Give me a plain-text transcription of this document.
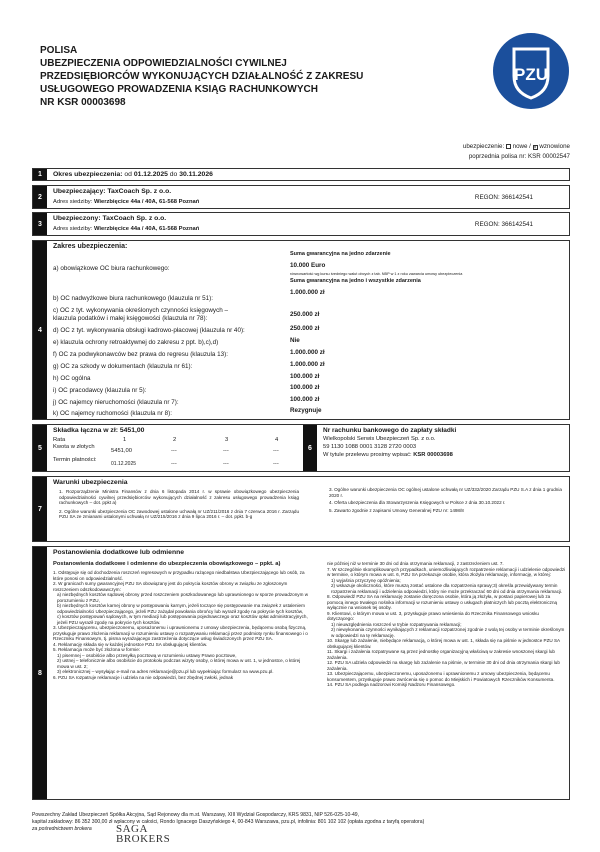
POLISA
UBEZPIECZENIA ODPOWIEDZIALNOŚCI CYWILNEJ
PRZEDSIĘBIORCÓW WYKONUJĄCYCH DZIAŁALNOŚĆ Z ZAKRESU
USŁUGOWEGO PROWADZENIA KSIĄG RACHUNKOWYCH
NR KSR 00003698
PZU
ubezpieczenie: nowe / × wznowione
poprzednia polisa nr: KSR 00002547
1	Okres ubezpieczenia: od 01.12.2025 do 30.11.2026
2
Ubezpieczający: TaxCoach Sp. z o.o.
Adres siedziby: Wierzbięcice 44a / 40A, 61-568 Poznań
REGON: 366142541
3
Ubezpieczony: TaxCoach Sp. z o.o.
Adres siedziby: Wierzbięcice 44a / 40A, 61-568 Poznań
REGON: 366142541
4
Zakres ubezpieczenia:
Suma gwarancyjna na jedno zdarzenie
a) obowiązkowe OC biura rachunkowego:	10.000 Euro
równowartość wg kursu średniego walut obcych z tab. NBP w 1 z roku zawarcia umowy ubezpieczenia
Suma gwarancyjna na jedno i wszystkie zdarzenia
b) OC nadwyżkowe biura rachunkowego (klauzula nr 51):
1.000.000 zł
c) OC z tyt. wykonywania określonych czynności księgowych –
klauzula podatków i małej księgowości (klauzula nr 78):
250.000 zł
d) OC z tyt. wykonywania obsługi kadrowo-płacowej (klauzula nr 40):	250.000 zł
e) klauzula ochrony retroaktywnej do zakresu z ppt. b),c),d)	Nie
f) OC za podwykonawców bez prawa do regresu (klauzula 13):	1.000.000 zł
g) OC za szkody w dokumentach (klauzula nr 61):	1.000.000 zł
h) OC ogólna	100.000 zł
i) OC pracodawcy (klauzula nr 5):	100.000 zł
j) OC najemcy nieruchomości (klauzula nr 7):	100.000 zł
k) OC najemcy ruchomości (klauzula nr 8):	Rezygnuje
5
Składka łączna w zł: 5451,00
Rata	1	2	3	4
Kwota w złotych
5451,00	---	---	---
Termin płatności:
01.12.2025	---	---	---
6
Nr rachunku bankowego do zapłaty składki
Wielkopolski Serwis Ubezpieczeń Sp. z o.o.
59 1130 1088 0001 3128 2720 0003
W tytule przelewu prosimy wpisać: KSR 00003698
7
Warunki ubezpieczenia
1. Rozporządzenie Ministra Finansów z dnia 6 listopada 2014 r. w sprawie obowiązkowego ubezpieczenia odpowiedzialności cywilnej przedsiębiorców wykonujących działalność z zakresu usługowego prowadzenia ksiąg rachunkowych – dot. ppkt a)
2. Ogólne warunki ubezpieczenia OC zawodowej ustalone uchwałą nr UZ/211/2016 z dnia 7 czerwca 2016 r. Zarządu PZU SA ze zmianami ustalonymi uchwałą nr UZ/215/2016 z dnia 9 lipca 2016 r. – dot. ppkt. b-g
3. Ogólne warunki ubezpieczenia OC ogólnej ustalone uchwałą nr UZ/332/2020 Zarządu PZU S.A z dnia 1 grudnia 2020 r.
4. Oferta ubezpieczenia dla Stowarzyszenia Księgowych w Polsce z dnia 30.10.2022 r.
5. Zawarto zgodnie z zapisami Umowy Generalnej PZU nr: 1498/8
8
Postanowienia dodatkowe lub odmienne
Postanowienia dodatkowe i odmienne do ubezpieczenia obowiązkowego – ppkt. a)
1. Odstępuje się od dochodzenia roszczeń regresowych w przypadku rażącego niedbalstwa Ubezpieczającego lub osób, za które ponosi on odpowiedzialność.
2. W granicach sumy gwarancyjnej PZU SA obowiązany jest do pokrycia kosztów obrony w związku ze zgłoszonym roszczeniem odszkodowawczym:
a) niezbędnych kosztów sądowej obrony przed roszczeniem poszkodowanego lub uprawnionego w sporze prowadzonym w porozumieniu z PZU,
b) niezbędnych kosztów karnej obrony w postępowaniu karnym, jeżeli toczące się postępowanie ma związek z ustaleniem odpowiedzialności Ubezpieczającego, jeżeli PZU zażądał powołania obrońcy lub wyraził zgodę na pokrycie tych kosztów,
c) kosztów postępowań sądowych, w tym mediacji lub postępowania pojednawczego oraz kosztów opłat administracyjnych, jeżeli PZU wyraził zgodę na pokrycie tych kosztów.
3. Ubezpieczającemu, ubezpieczonemu, uposażonemu i uprawnionemu z umowy ubezpieczenia, będącemu osobą fizyczną, przysługuje prawo złożenia reklamacji w rozumieniu ustawy o rozpatrywaniu reklamacji przez podmioty rynku finansowego i o Rzeczniku Finansowym, tj. pisma wyrażającego zastrzeżenia dotyczące usług świadczonych przez PZU SA.
4. Reklamację składa się w każdej jednostce PZU SA obsługującej klientów.
5. Reklamacja może być złożona w formie:
1) pisemnej – osobiście albo przesyłką pocztową w rozumieniu ustawy Prawo pocztowe,
2) ustnej – telefonicznie albo osobiście do protokołu podczas wizyty osoby, o której mowa w ust. 1, w jednostce, o której mowa w ust. 2;
3) elektronicznej – wysyłając e-mail na adres reklamacje@pzu.pl lub wypełniając formularz na www.pzu.pl.
6. PZU SA rozpatruje reklamacje i udziela na nie odpowiedzi, bez zbędnej zwłoki, jednak
nie później niż w terminie 30 dni od dnia otrzymania reklamacji, z zastrzeżeniem ust. 7.
7. W szczególnie skomplikowanych przypadkach, uniemożliwiających rozpatrzenie reklamacji i udzielenie odpowiedzi w terminie, o którym mowa w ust. 6, PZU SA przekazuje osobie, która złożyła reklamację, informację, w której:
1) wyjaśnia przyczynę opóźnienia;
2) wskazuje okoliczności, które muszą zostać ustalone dla rozpatrzenia sprawy;3) określa przewidywany termin rozpatrzenia reklamacji i udzielenia odpowiedzi, który nie może przekraczać 60 dni od dnia otrzymania reklamacji.
8. Odpowiedź PZU SA na reklamację zostanie doręczona osobie, która ją złożyła, w postaci papierowej lub za pomocą innego trwałego nośnika informacji w rozumieniu ustawy o usługach płatniczych lub pocztą elektroniczną wyłącznie na wniosek tej osoby.
9. Klientowi, o którym mowa w ust. 3, przysługuje prawo wniesienia do Rzecznika Finansowego wniosku dotyczącego:
1) nieuwzględnienia roszczeń w trybie rozpatrywania reklamacji;
2) niewykonania czynności wynikających z reklamacji rozpatrzonej zgodnie z wolą tej osoby w terminie określonym w odpowiedzi na tę reklamację.
10. Skargę lub zażalenie, niebędące reklamacją, o której mowa w ust. 1, składa się na piśmie w jednostce PZU SA obsługującej klientów.
11. Skargi i zażalenia rozpatrywane są przez jednostkę organizacyjną właściwą w zakresie wnoszonej skargi lub zażalenia.
12. PZU SA udziela odpowiedzi na skargę lub zażalenie na piśmie, w terminie 30 dni od dnia otrzymania skargi lub zażalenia.
13. Ubezpieczającemu, ubezpieczonemu, uposażonemu i uprawnionemu z umowy ubezpieczenia, będącemu konsumentem, przysługuje prawo zwrócenia się o pomoc do Miejskich i Powiatowych Rzeczników Konsumenta.
14. PZU SA podlega nadzorowi Komisji Nadzoru Finansowego.
Powszechny Zakład Ubezpieczeń Spółka Akcyjna, Sąd Rejonowy dla m.st. Warszawy, XIII Wydział Gospodarczy, KRS 9831, NIP 526-025-10-49,
kapitał zakładowy: 86 352 300,00 zł wpłacony w całości, Rondo Ignacego Daszyńskiego 4, 00-843 Warszawa, pzu.pl, infolinia: 801 102 102 (opłata zgodna z taryfą operatora)
za pośrednictwem brokera	SAGA
BROKERS
